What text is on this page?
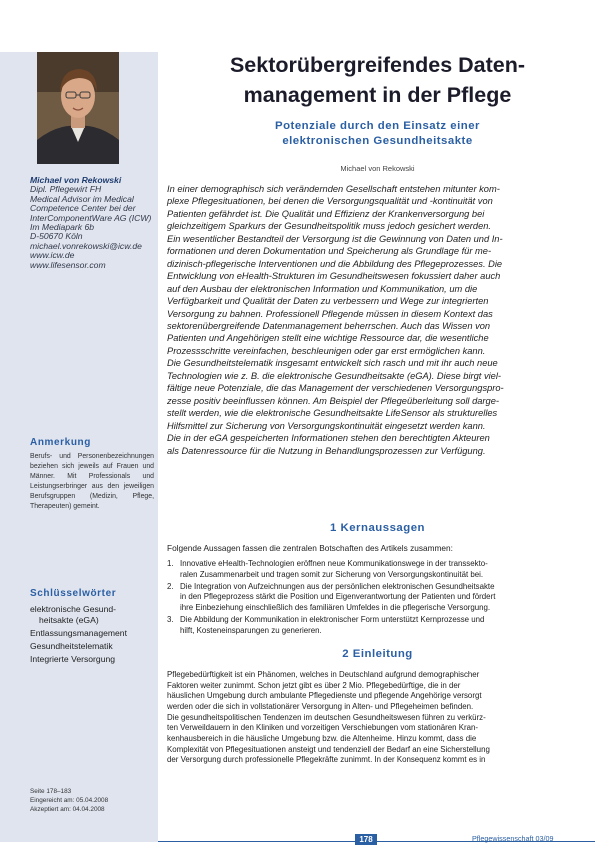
Michael von Rekowski
Dipl. Pflegewirt FH
Medical Advisor im Medical
Competence Center bei der
InterComponentWare AG (ICW)
Im Mediapark 6b
D-50670 Köln
michael.vonrekowski@icw.de
www.icw.de
www.lifesensor.com
Anmerkung
Berufs- und Personenbezeichnungen beziehen sich jeweils auf Frauen und Männer. Mit Professionals und Leistungserbringer aus den jeweiligen Berufsgruppen (Medizin, Pflege, Therapeuten) gemeint.
Schlüsselwörter
elektronische Gesund-
heitsakte (eGA)
Entlassungsmanagement
Gesundheitstelematik
Integrierte Versorgung
Seite 178–183
Eingereicht am: 05.04.2008
Akzeptiert am: 04.04.2008
Sektorübergreifendes Daten-
management in der Pflege
Potenziale durch den Einsatz einer
elektronischen Gesundheitsakte
Michael von Rekowski
In einer demographisch sich verändernden Gesellschaft entstehen mitunter kom-
plexe Pflegesituationen, bei denen die Versorgungsqualität und -kontinuität von
Patienten gefährdet ist. Die Qualität und Effizienz der Krankenversorgung bei
gleichzeitigem Sparkurs der Gesundheitspolitik muss jedoch gesichert werden.
Ein wesentlicher Bestandteil der Versorgung ist die Gewinnung von Daten und In-
formationen und deren Dokumentation und Speicherung als Grundlage für me-
dizinisch-pflegerische Interventionen und die Abbildung des Pflegeprozesses. Die
Entwicklung von eHealth-Strukturen im Gesundheitswesen fokussiert daher auch
auf den Ausbau der elektronischen Information und Kommunikation, um die
Verfügbarkeit und Qualität der Daten zu verbessern und Wege zur integrierten
Versorgung zu bahnen. Professionell Pflegende müssen in diesem Kontext das
sektorenübergreifende Datenmanagement beherrschen. Auch das Wissen von
Patienten und Angehörigen stellt eine wichtige Ressource dar, die wesentliche
Prozessschritte vereinfachen, beschleunigen oder gar erst ermöglichen kann.
Die Gesundheitstelematik insgesamt entwickelt sich rasch und mit ihr auch neue
Technologien wie z. B. die elektronische Gesundheitsakte (eGA). Diese birgt viel-
fältige neue Potenziale, die das Management der verschiedenen Versorgungspro-
zesse positiv beeinflussen können. Am Beispiel der Pflegeüberleitung soll darge-
stellt werden, wie die elektronische Gesundheitsakte LifeSensor als strukturelles
Hilfsmittel zur Sicherung von Versorgungskontinuität eingesetzt werden kann.
Die in der eGA gespeicherten Informationen stehen den berechtigten Akteuren
als Datenressource für die Nutzung in Behandlungsprozessen zur Verfügung.
1 Kernaussagen
Folgende Aussagen fassen die zentralen Botschaften des Artikels zusammen:
1. Innovative eHealth-Technologien eröffnen neue Kommunikationswege in der transsekto-
ralen Zusammenarbeit und tragen somit zur Sicherung von Versorgungskontinuität bei.
2. Die Integration von Aufzeichnungen aus der persönlichen elektronischen Gesundheitsakte
in den Pflegeprozess stärkt die Position und Eigenverantwortung der Patienten und fördert
ihre Einbeziehung einschließlich des familiären Umfeldes in die pflegerische Versorgung.
3. Die Abbildung der Kommunikation in elektronischer Form unterstützt Kernprozesse und
hilft, Kosteneinsparungen zu generieren.
2 Einleitung
Pflegebedürftigkeit ist ein Phänomen, welches in Deutschland aufgrund demographischer
Faktoren weiter zunimmt. Schon jetzt gibt es über 2 Mio. Pflegebedürftige, die in der
häuslichen Umgebung durch ambulante Pflegedienste und pflegende Angehörige versorgt
werden oder die sich in vollstationärer Versorgung in Alten- und Pflegeheimen befinden.
Die gesundheitspolitischen Tendenzen im deutschen Gesundheitswesen führen zu verkürz-
ten Verweildauern in den Kliniken und vorzeitigen Verschiebungen vom stationären Kran-
kenhausbereich in die häusliche Umgebung bzw. die Altenheime. Hinzu kommt, dass die
Komplexität von Pflegesituationen ansteigt und tendenziell der Bedarf an eine Sicherstellung
der Versorgung durch professionelle Pflegekräfte zunimmt. In der Konsequenz kommt es in
178	Pflegewissenschaft 03/09
